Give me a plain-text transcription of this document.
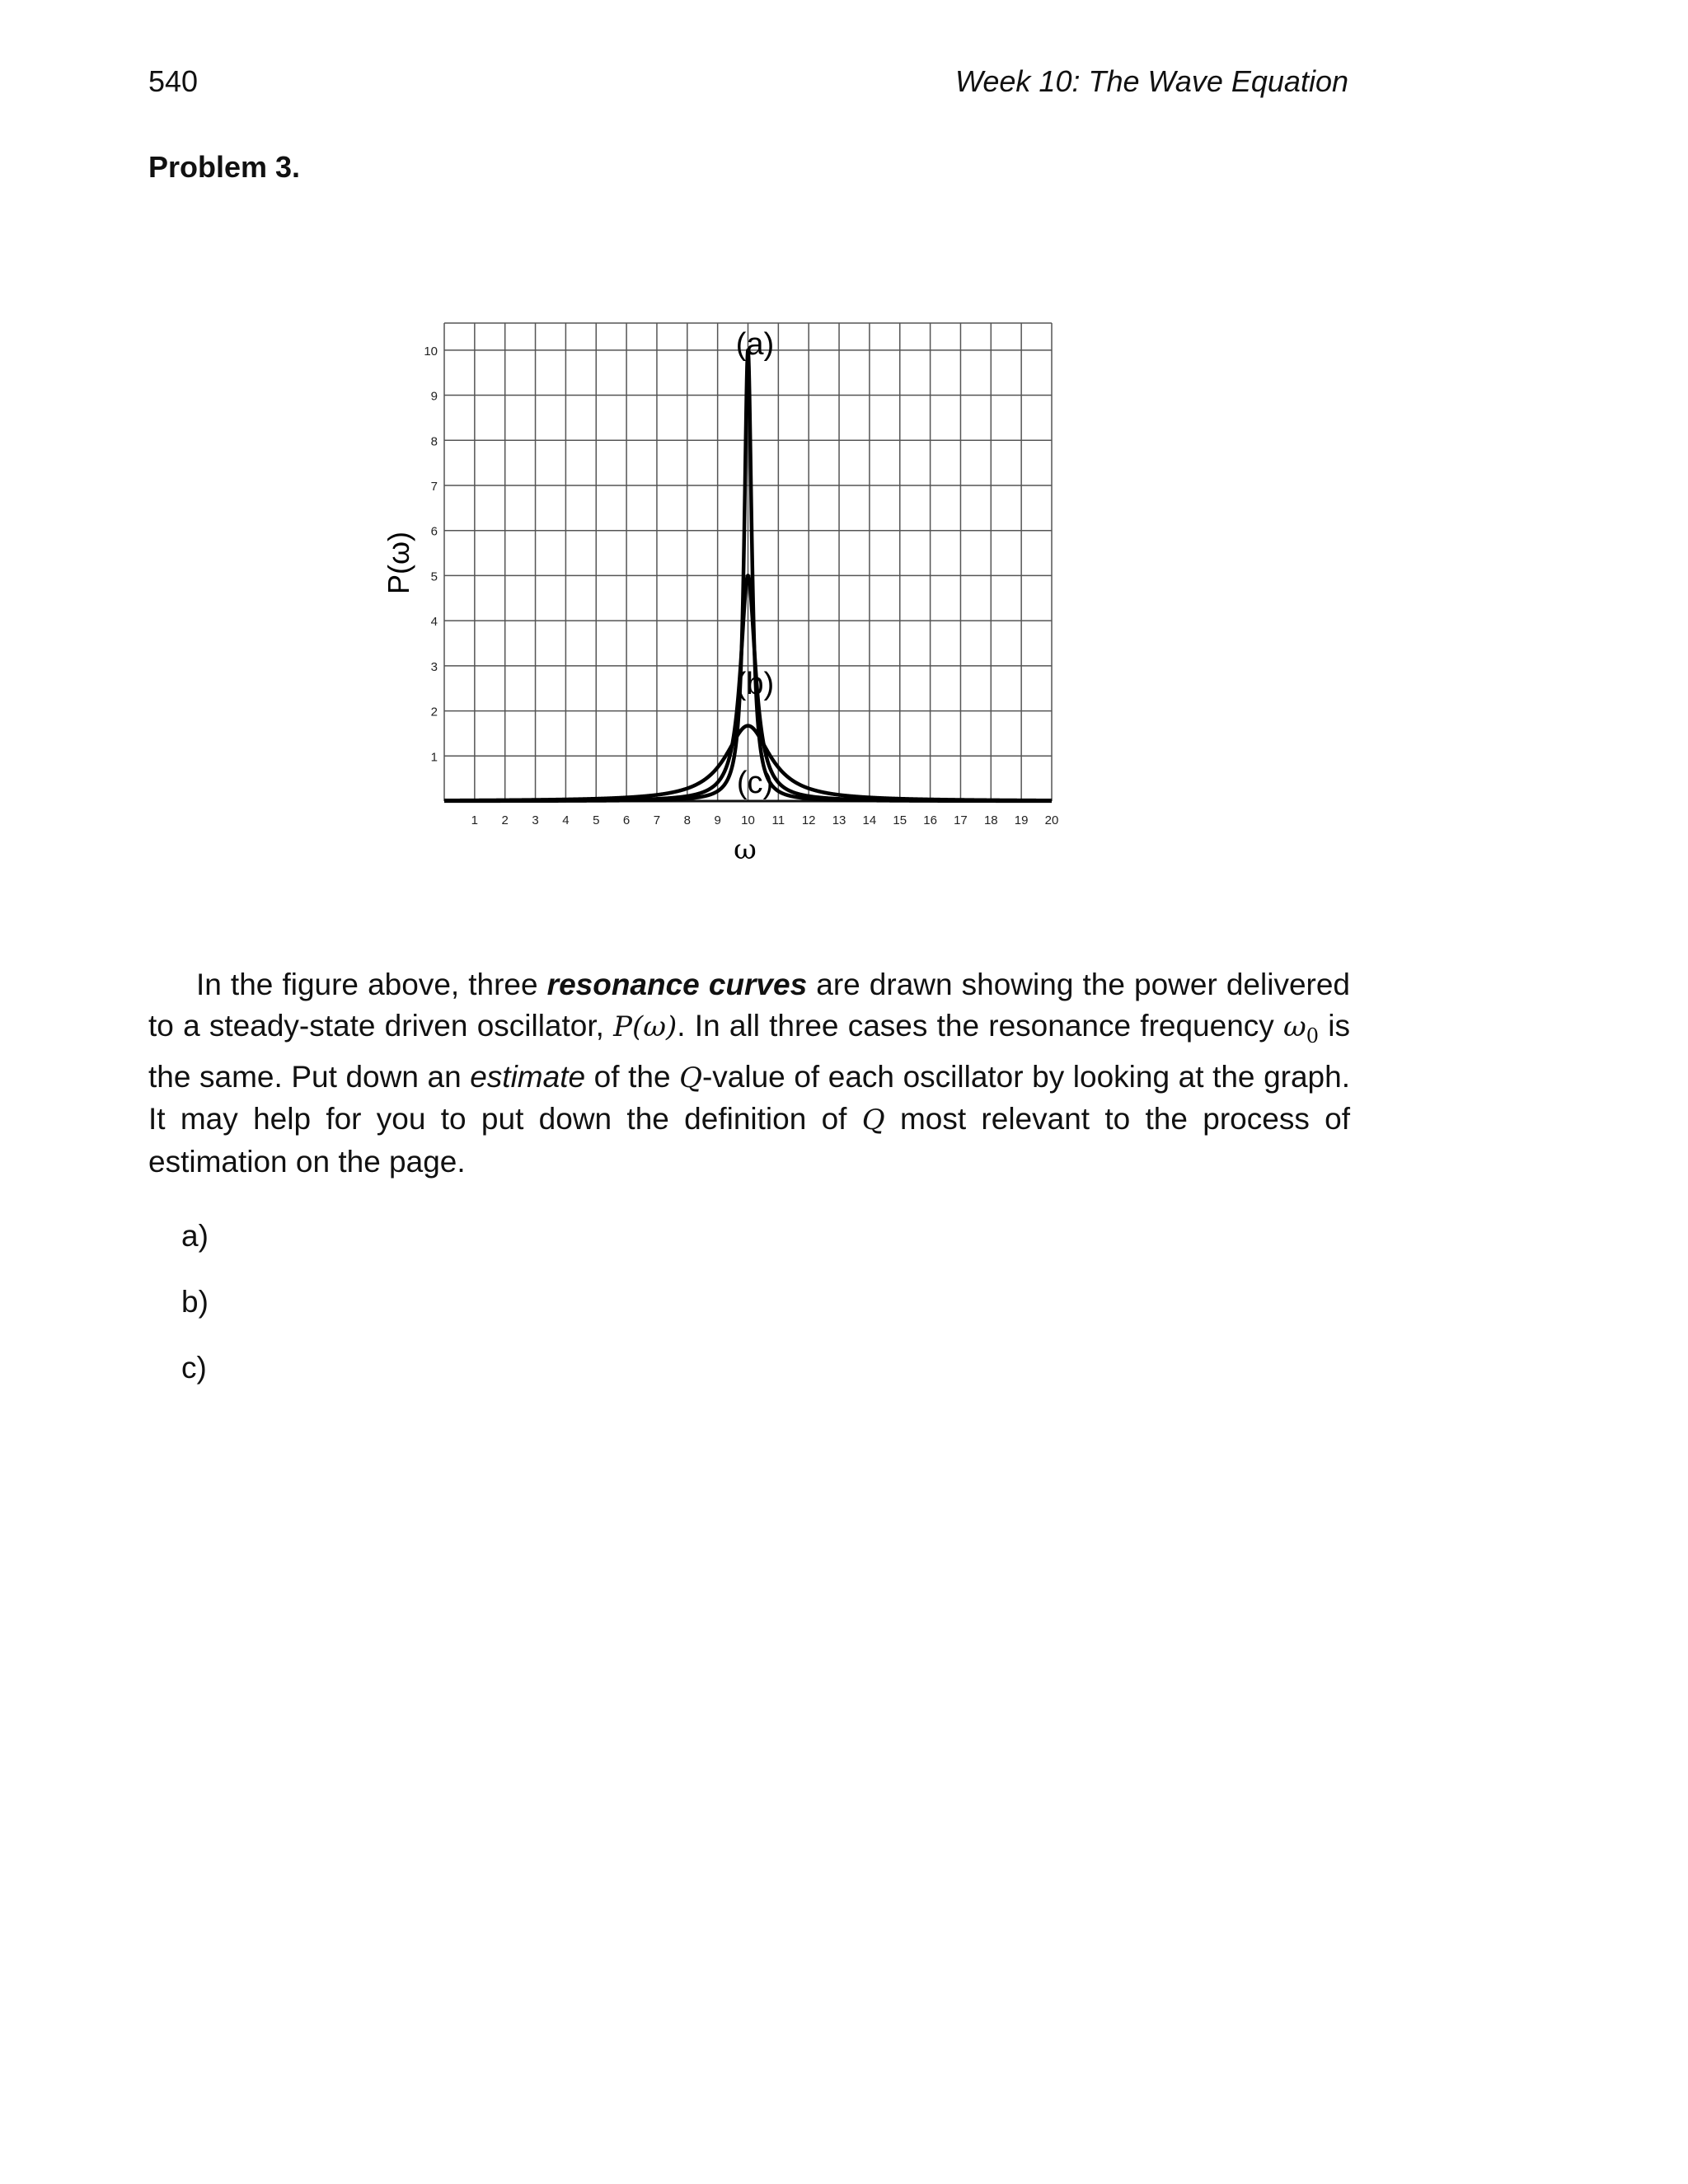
540	Week 10: The Wave Equation
Problem 3.
1 2 3 4 5 6 7 8 9 10 11 12 13 14 15 16 17 18 19 20
1
2
3
4
5
6
7
8
9
10	(a)
(b)
(c)
ω
P(ω)
In the figure above, three resonance curves are drawn showing the power delivered to a steady-state driven oscillator, P(ω). In all three cases the resonance frequency $\omega_0$ is the same. Put down an estimate of the Q-value of each oscillator by looking at the graph. It may help for you to put down the definition of Q most relevant to the process of estimation on the page.
a)
b)
c)
